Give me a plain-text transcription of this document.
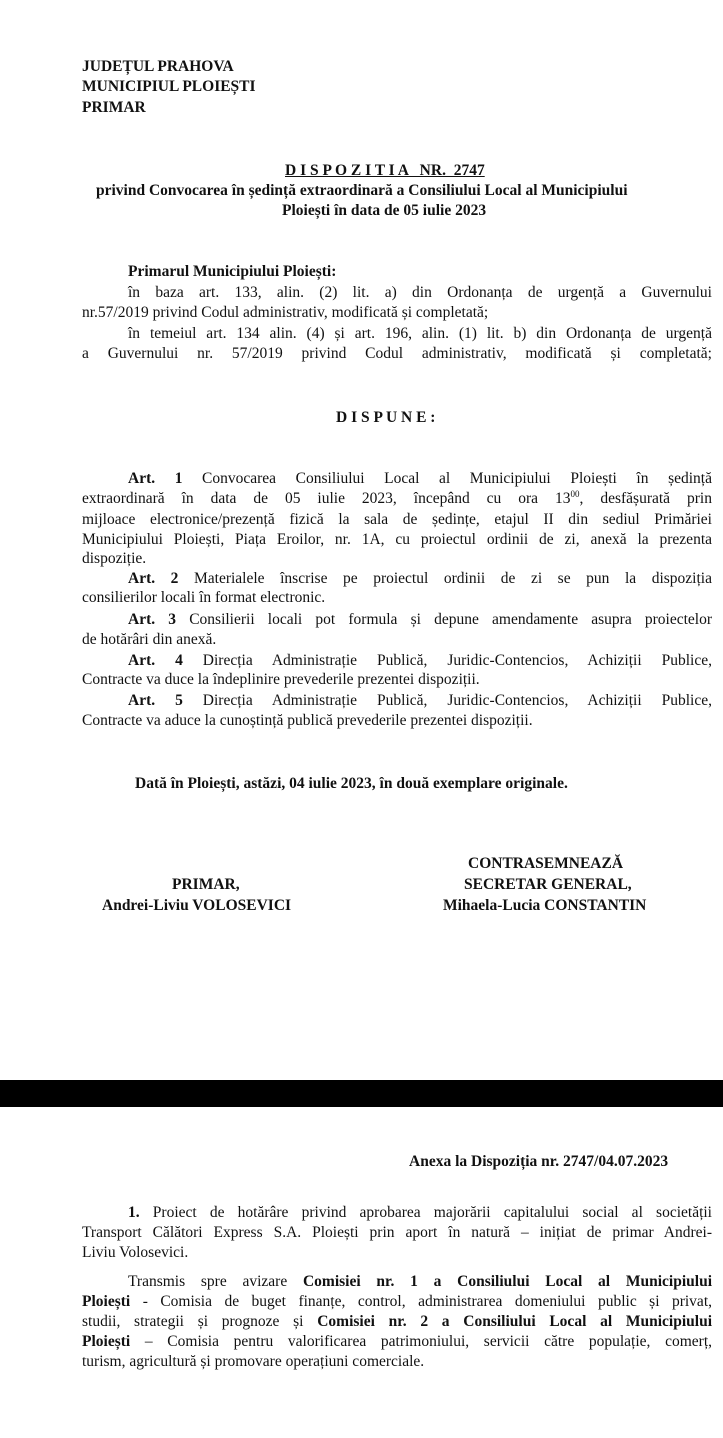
JUDEȚUL PRAHOVA
MUNICIPIUL PLOIEȘTI
PRIMAR
D I S P O Z I T I A   NR.  2747
privind Convocarea în ședință extraordinară a Consiliului Local al Municipiului
Ploiești în data de 05 iulie 2023
Primarul Municipiului Ploiești:
în baza art. 133, alin. (2) lit. a) din Ordonanța de urgență a Guvernului
nr.57/2019 privind Codul administrativ, modificată și completată;
în temeiul art. 134 alin. (4) și art. 196, alin. (1) lit. b) din Ordonanța de urgență
a Guvernului nr. 57/2019 privind Codul administrativ, modificată și completată;
D I S P U N E :
Art. 1 Convocarea Consiliului Local al Municipiului Ploiești în ședință
extraordinară în data de 05 iulie 2023, începând cu ora $13^{00}$, desfășurată prin
mijloace electronice/prezență fizică la sala de ședințe, etajul II din sediul Primăriei
Municipiului Ploiești, Piața Eroilor, nr. 1A, cu proiectul ordinii de zi, anexă la prezenta
dispoziție.
Art. 2 Materialele înscrise pe proiectul ordinii de zi se pun la dispoziția
consilierilor locali în format electronic.
Art. 3 Consilierii locali pot formula și depune amendamente asupra proiectelor
de hotărâri din anexă.
Art. 4 Direcția Administrație Publică, Juridic-Contencios, Achiziții Publice,
Contracte va duce la îndeplinire prevederile prezentei dispoziții.
Art. 5 Direcția Administrație Publică, Juridic-Contencios, Achiziții Publice,
Contracte va aduce la cunoștință publică prevederile prezentei dispoziții.
Dată în Ploiești, astăzi, 04 iulie 2023, în două exemplare originale.
CONTRASEMNEAZĂ
PRIMAR,	SECRETAR GENERAL,
Andrei-Liviu VOLOSEVICI	Mihaela-Lucia CONSTANTIN
Anexa la Dispoziția nr. 2747/04.07.2023
1. Proiect de hotărâre privind aprobarea majorării capitalului social al societății
Transport Călători Express S.A. Ploiești prin aport în natură – inițiat de primar Andrei-
Liviu Volosevici.
Transmis spre avizare Comisiei nr. 1 a Consiliului Local al Municipiului
Ploiești - Comisia de buget finanțe, control, administrarea domeniului public și privat,
studii, strategii și prognoze și Comisiei nr. 2 a Consiliului Local al Municipiului
Ploiești – Comisia pentru valorificarea patrimoniului, servicii către populație, comerț,
turism, agricultură și promovare operațiuni comerciale.
